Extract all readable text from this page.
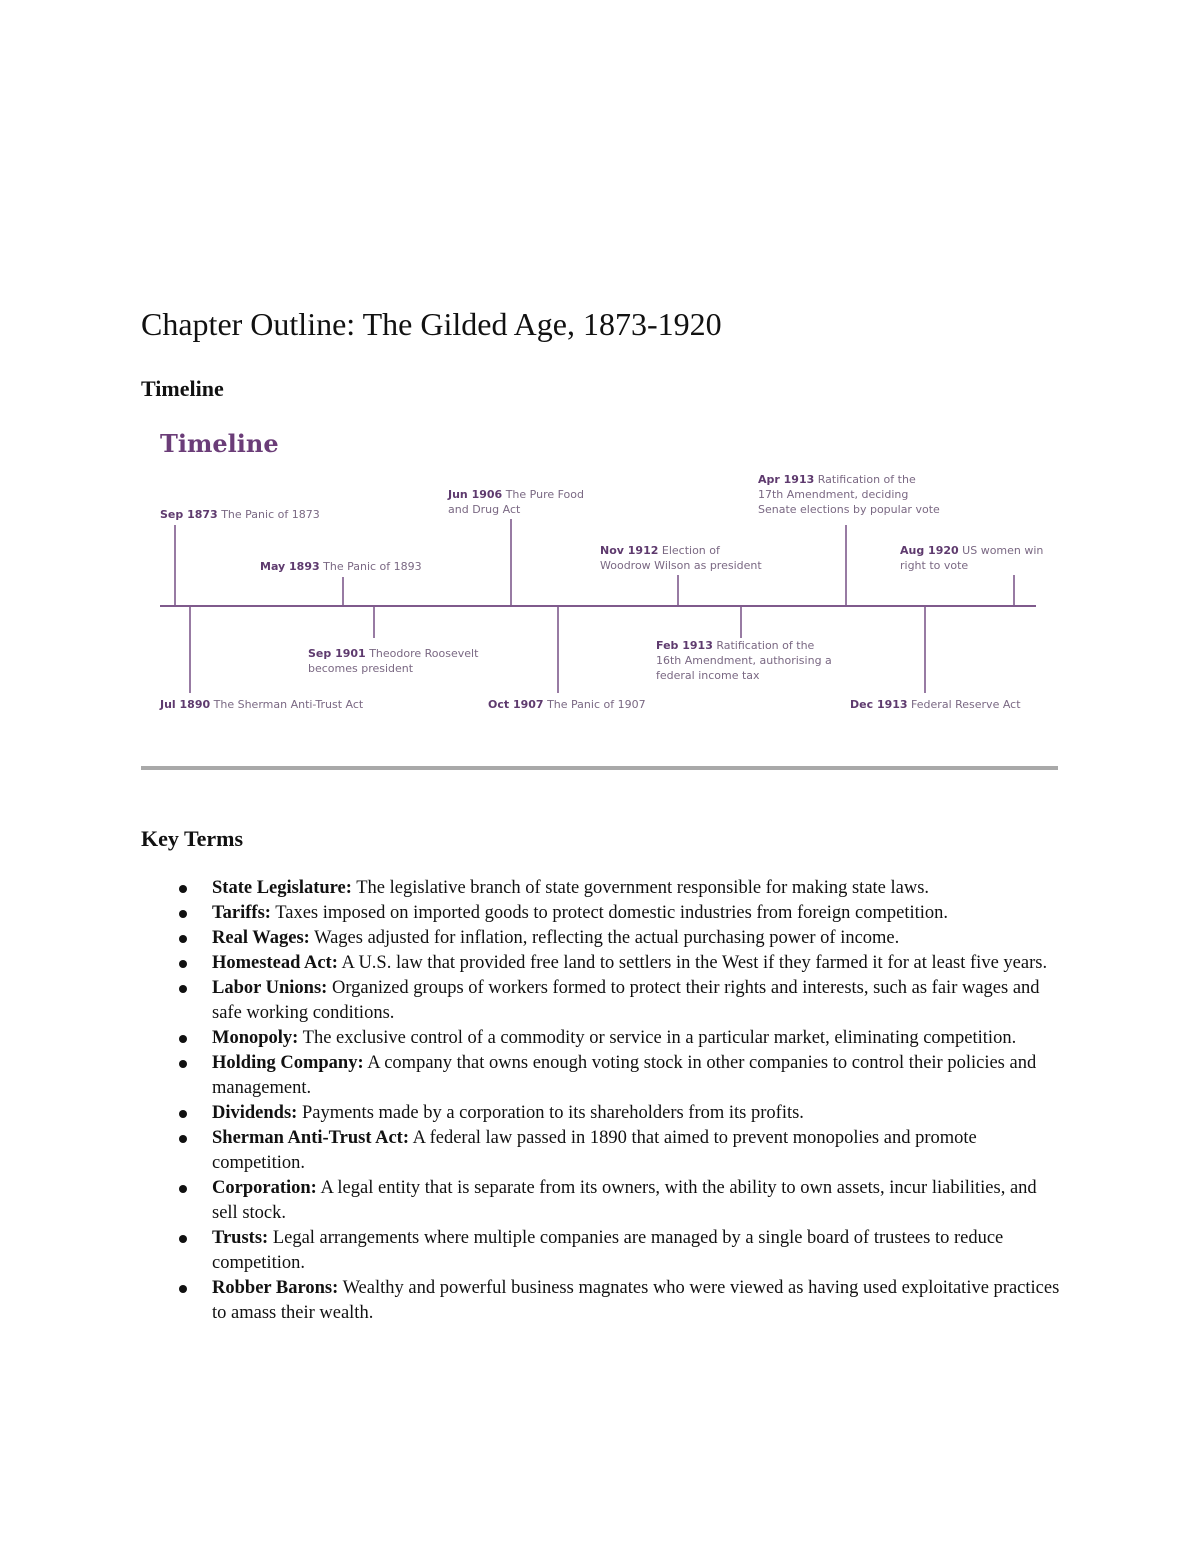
Chapter Outline: The Gilded Age, 1873-1920
Timeline
Timeline
Sep 1873 The Panic of 1873
May 1893 The Panic of 1893
Jun 1906 The Pure Food
and Drug Act
Nov 1912 Election of
Woodrow Wilson as president
Apr 1913 Ratification of the
17th Amendment, deciding
Senate elections by popular vote
Aug 1920 US women win
right to vote
Jul 1890 The Sherman Anti-Trust Act
Sep 1901 Theodore Roosevelt
becomes president
Oct 1907 The Panic of 1907
Feb 1913 Ratification of the
16th Amendment, authorising a
federal income tax
Dec 1913 Federal Reserve Act
Key Terms
State Legislature: The legislative branch of state government responsible for making state laws.
Tariffs: Taxes imposed on imported goods to protect domestic industries from foreign competition.
Real Wages: Wages adjusted for inflation, reflecting the actual purchasing power of income.
Homestead Act: A U.S. law that provided free land to settlers in the West if they farmed it for at least five years.
Labor Unions: Organized groups of workers formed to protect their rights and interests, such as fair wages and safe working conditions.
Monopoly: The exclusive control of a commodity or service in a particular market, eliminating competition.
Holding Company: A company that owns enough voting stock in other companies to control their policies and management.
Dividends: Payments made by a corporation to its shareholders from its profits.
Sherman Anti-Trust Act: A federal law passed in 1890 that aimed to prevent monopolies and promote competition.
Corporation: A legal entity that is separate from its owners, with the ability to own assets, incur liabilities, and sell stock.
Trusts: Legal arrangements where multiple companies are managed by a single board of trustees to reduce competition.
Robber Barons: Wealthy and powerful business magnates who were viewed as having used exploitative practices to amass their wealth.
